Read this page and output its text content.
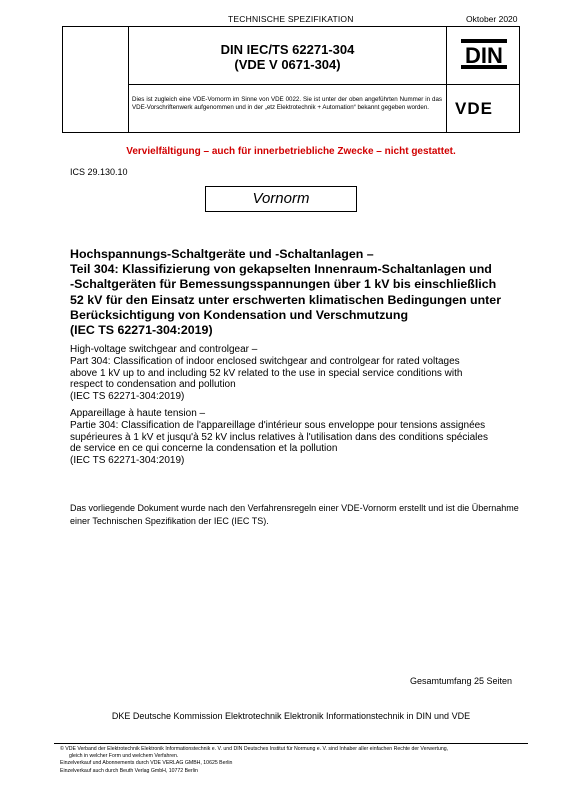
TECHNISCHE SPEZIFIKATION	Oktober 2020
DIN IEC/TS 62271-304
(VDE V 0671-304)	DIN
Dies ist zugleich eine VDE-Vornorm im Sinne von VDE 0022. Sie ist unter der oben angeführten Nummer in das VDE-Vorschriftenwerk aufgenommen und in der „etz Elektrotechnik + Automation“ bekannt gegeben worden.	VDE
Vervielfältigung – auch für innerbetriebliche Zwecke – nicht gestattet.
ICS 29.130.10
Vornorm
Hochspannungs-Schaltgeräte und -Schaltanlagen –
Teil 304: Klassifizierung von gekapselten Innenraum-Schaltanlagen und
-Schaltgeräten für Bemessungsspannungen über 1 kV bis einschließlich
52 kV für den Einsatz unter erschwerten klimatischen Bedingungen unter
Berücksichtigung von Kondensation und Verschmutzung
(IEC TS 62271-304:2019)
High-voltage switchgear and controlgear –
Part 304: Classification of indoor enclosed switchgear and controlgear for rated voltages
above 1 kV up to and including 52 kV related to the use in special service conditions with
respect to condensation and pollution
(IEC TS 62271-304:2019)
Appareillage à haute tension –
Partie 304: Classification de l'appareillage d'intérieur sous enveloppe pour tensions assignées
supérieures à 1 kV et jusqu'à 52 kV inclus relatives à l'utilisation dans des conditions spéciales
de service en ce qui concerne la condensation et la pollution
(IEC TS 62271-304:2019)
Das vorliegende Dokument wurde nach den Verfahrensregeln einer VDE-Vornorm erstellt und ist die Übernahme einer Technischen Spezifikation der IEC (IEC TS).
Gesamtumfang 25 Seiten
DKE Deutsche Kommission Elektrotechnik Elektronik Informationstechnik in DIN und VDE
© VDE Verband der Elektrotechnik Elektronik Informationstechnik e. V. und DIN Deutsches Institut für Normung e. V. sind Inhaber aller einfachen Rechte der Verwertung,
gleich in welcher Form und welchem Verfahren.
Einzelverkauf und Abonnements durch VDE VERLAG GMBH, 10625 Berlin
Einzelverkauf auch durch Beuth Verlag GmbH, 10772 Berlin
